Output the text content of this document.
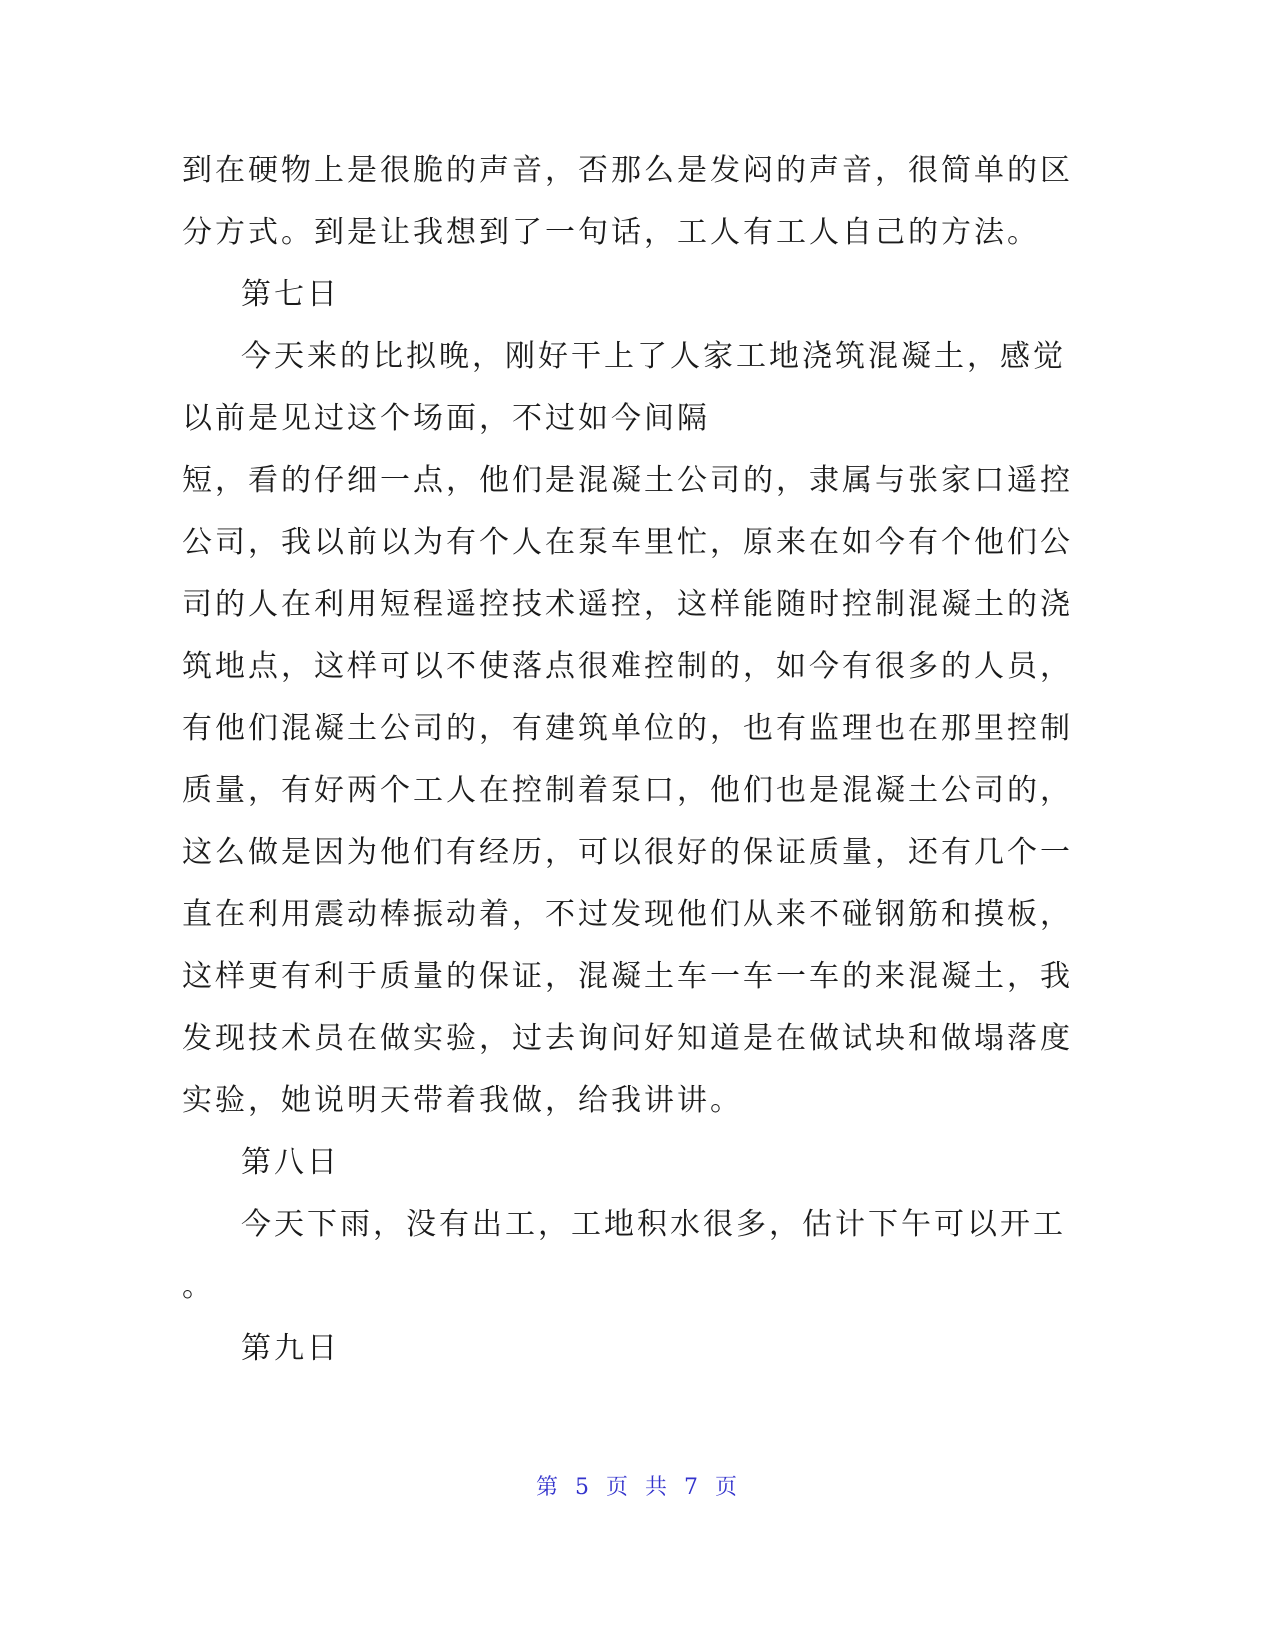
到在硬物上是很脆的声音，否那么是发闷的声音，很简单的区
分方式。到是让我想到了一句话，工人有工人自己的方法。
第七日
今天来的比拟晚，刚好干上了人家工地浇筑混凝土，感觉
以前是见过这个场面，不过如今间隔
短，看的仔细一点，他们是混凝土公司的，隶属与张家口遥控
公司，我以前以为有个人在泵车里忙，原来在如今有个他们公
司的人在利用短程遥控技术遥控，这样能随时控制混凝土的浇
筑地点，这样可以不使落点很难控制的，如今有很多的人员，
有他们混凝土公司的，有建筑单位的，也有监理也在那里控制
质量，有好两个工人在控制着泵口，他们也是混凝土公司的，
这么做是因为他们有经历，可以很好的保证质量，还有几个一
直在利用震动棒振动着，不过发现他们从来不碰钢筋和摸板，
这样更有利于质量的保证，混凝土车一车一车的来混凝土，我
发现技术员在做实验，过去询问好知道是在做试块和做塌落度
实验，她说明天带着我做，给我讲讲。
第八日
今天下雨，没有出工，工地积水很多，估计下午可以开工
。
第九日
第 5 页 共 7 页
